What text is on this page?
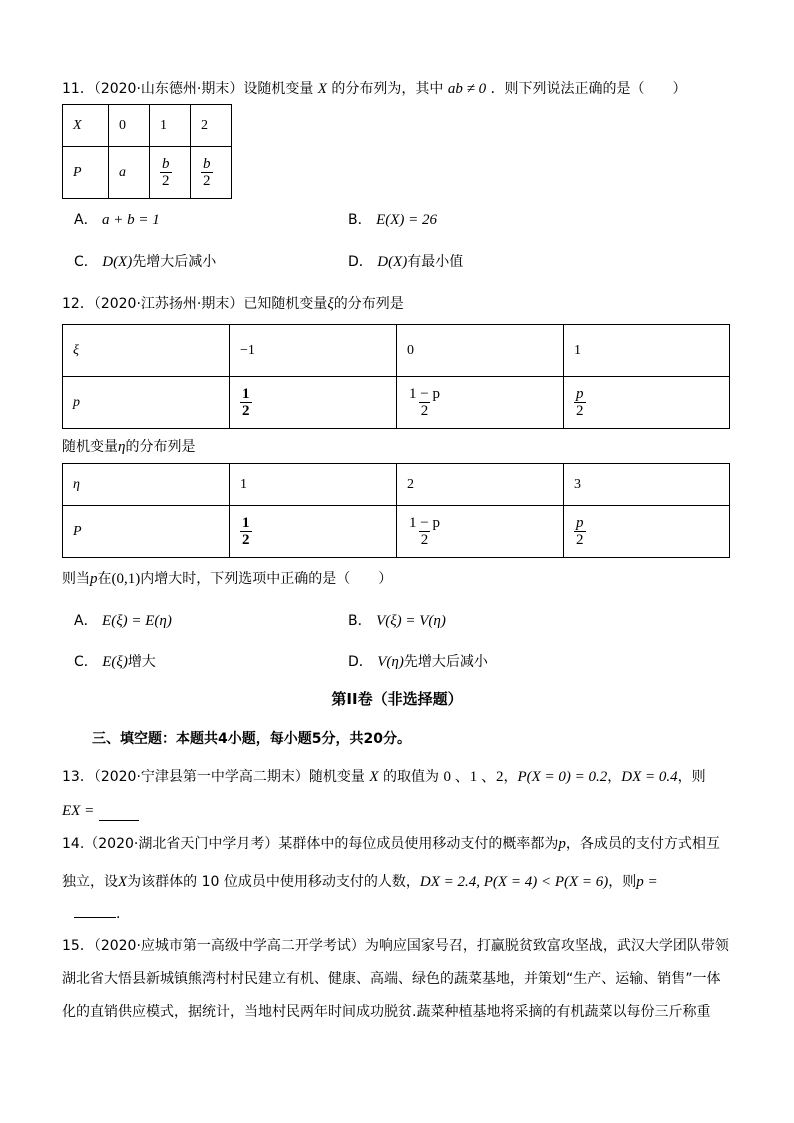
11．（2020·山东德州·期末）设随机变量 X 的分布列为，其中 ab ≠ 0 ．则下列说法正确的是（　　）
X	0	1	2
P	a	$\frac{b}{2}$	$\frac{b}{2}$
A． a + b = 1	B． E(X) = 26
C． D(X)先增大后减小	D． D(X)有最小值
12．（2020·江苏扬州·期末）已知随机变量ξ的分布列是
ξ	−1	0	1
p	$\frac{1}{2}$	$\frac{1 - p}{2}$	$\frac{p}{2}$
随机变量η的分布列是
η	1	2	3
P	$\frac{1}{2}$	$\frac{1 - p}{2}$	$\frac{p}{2}$
则当p在(0,1)内增大时，下列选项中正确的是（　　）
A． E(ξ) = E(η)	B． V(ξ) = V(η)
C． E(ξ)增大	D． V(η)先增大后减小
第II卷（非选择题）
三、填空题：本题共4小题，每小题5分，共20分。
13．（2020·宁津县第一中学高二期末）随机变量 X 的取值为 0 、1 、2，P(X = 0) = 0.2，DX = 0.4，则
EX =
14.（2020·湖北省天门中学月考）某群体中的每位成员使用移动支付的概率都为p，各成员的支付方式相互
独立，设X为该群体的 10 位成员中使用移动支付的人数，DX = 2.4, P(X = 4) < P(X = 6)，则p =
.
15．（2020·应城市第一高级中学高二开学考试）为响应国家号召，打赢脱贫致富攻坚战，武汉大学团队带领
湖北省大悟县新城镇熊湾村村民建立有机、健康、高端、绿色的蔬菜基地，并策划“生产、运输、销售”一体
化的直销供应模式，据统计，当地村民两年时间成功脱贫.蔬菜种植基地将采摘的有机蔬菜以每份三斤称重
